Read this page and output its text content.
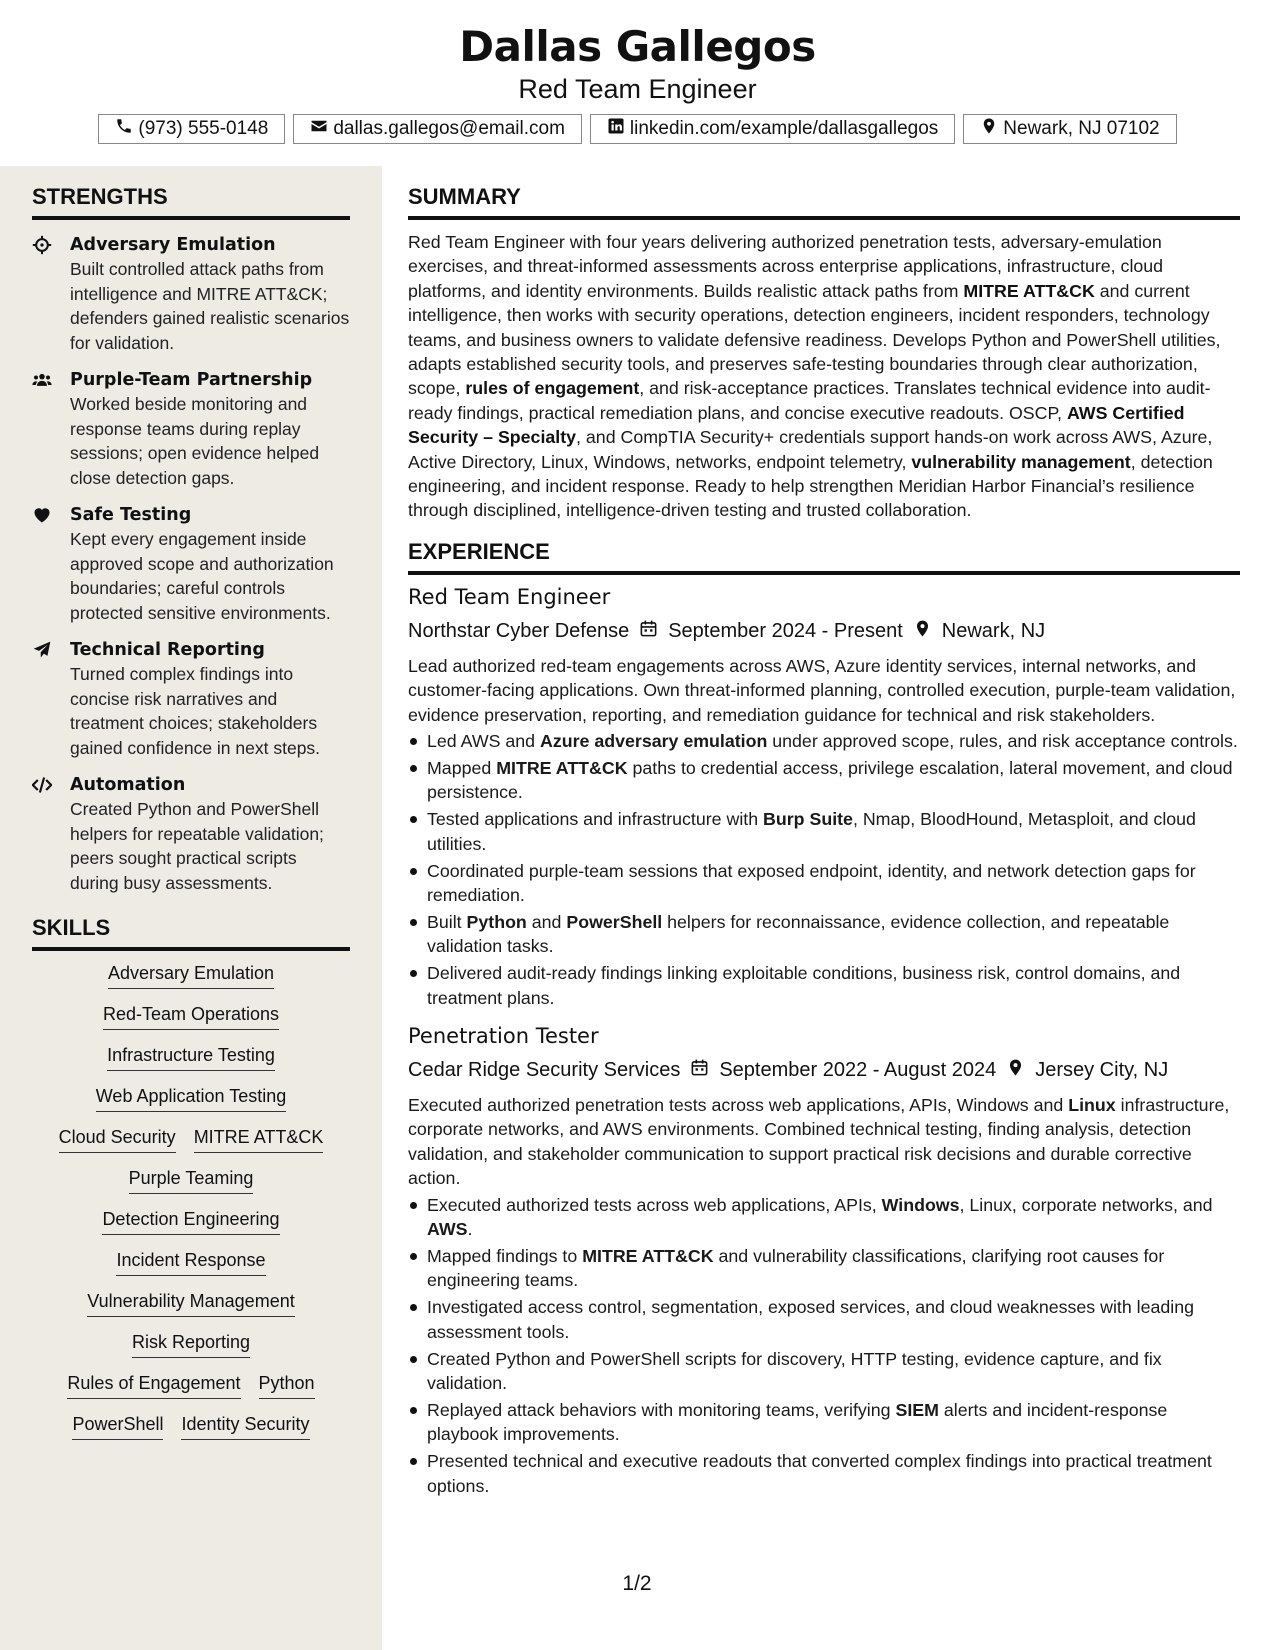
Dallas Gallegos
Red Team Engineer
(973) 555-0148	dallas.gallegos@email.com	linkedin.com/example/dallasgallegos	Newark, NJ 07102
STRENGTHS
Adversary Emulation
Built controlled attack paths from intelligence and MITRE ATT&CK; defenders gained realistic scenarios for validation.
Purple-Team Partnership
Worked beside monitoring and response teams during replay sessions; open evidence helped close detection gaps.
Safe Testing
Kept every engagement inside approved scope and authorization boundaries; careful controls protected sensitive environments.
Technical Reporting
Turned complex findings into concise risk narratives and treatment choices; stakeholders gained confidence in next steps.
Automation
Created Python and PowerShell helpers for repeatable validation; peers sought practical scripts during busy assessments.
SKILLS
Adversary Emulation
Red-Team Operations
Infrastructure Testing
Web Application Testing
Cloud Security MITRE ATT&CK
Purple Teaming
Detection Engineering
Incident Response
Vulnerability Management
Risk Reporting
Rules of Engagement Python
PowerShell Identity Security
SUMMARY

Red Team Engineer with four years delivering authorized penetration tests, adversary-emulation exercises, and threat-informed assessments across enterprise applications, infrastructure, cloud platforms, and identity environments. Builds realistic attack paths from MITRE ATT&CK and current intelligence, then works with security operations, detection engineers, incident responders, technology teams, and business owners to validate defensive readiness. Develops Python and PowerShell utilities, adapts established security tools, and preserves safe-testing boundaries through clear authorization, scope, rules of engagement, and risk-acceptance practices. Translates technical evidence into audit-ready findings, practical remediation plans, and concise executive readouts. OSCP, AWS Certified Security – Specialty, and CompTIA Security+ credentials support hands-on work across AWS, Azure, Active Directory, Linux, Windows, networks, endpoint telemetry, vulnerability management, detection engineering, and incident response. Ready to help strengthen Meridian Harbor Financial’s resilience through disciplined, intelligence-driven testing and trusted collaboration.

EXPERIENCE
Red Team Engineer
Northstar Cyber Defense September 2024 - Present Newark, NJ

Lead authorized red-team engagements across AWS, Azure identity services, internal networks, and customer-facing applications. Own threat-informed planning, controlled execution, purple-team validation, evidence preservation, reporting, and remediation guidance for technical and risk stakeholders.

Led AWS and Azure adversary emulation under approved scope, rules, and risk acceptance controls.
Mapped MITRE ATT&CK paths to credential access, privilege escalation, lateral movement, and cloud persistence.
Tested applications and infrastructure with Burp Suite, Nmap, BloodHound, Metasploit, and cloud utilities.
Coordinated purple-team sessions that exposed endpoint, identity, and network detection gaps for remediation.
Built Python and PowerShell helpers for reconnaissance, evidence collection, and repeatable validation tasks.
Delivered audit-ready findings linking exploitable conditions, business risk, control domains, and treatment plans.
Penetration Tester
Cedar Ridge Security Services September 2022 - August 2024 Jersey City, NJ

Executed authorized penetration tests across web applications, APIs, Windows and Linux infrastructure, corporate networks, and AWS environments. Combined technical testing, finding analysis, detection validation, and stakeholder communication to support practical risk decisions and durable corrective action.

Executed authorized tests across web applications, APIs, Windows, Linux, corporate networks, and AWS.
Mapped findings to MITRE ATT&CK and vulnerability classifications, clarifying root causes for engineering teams.
Investigated access control, segmentation, exposed services, and cloud weaknesses with leading assessment tools.
Created Python and PowerShell scripts for discovery, HTTP testing, evidence capture, and fix validation.
Replayed attack behaviors with monitoring teams, verifying SIEM alerts and incident-response playbook improvements.
Presented technical and executive readouts that converted complex findings into practical treatment options.
1/2
